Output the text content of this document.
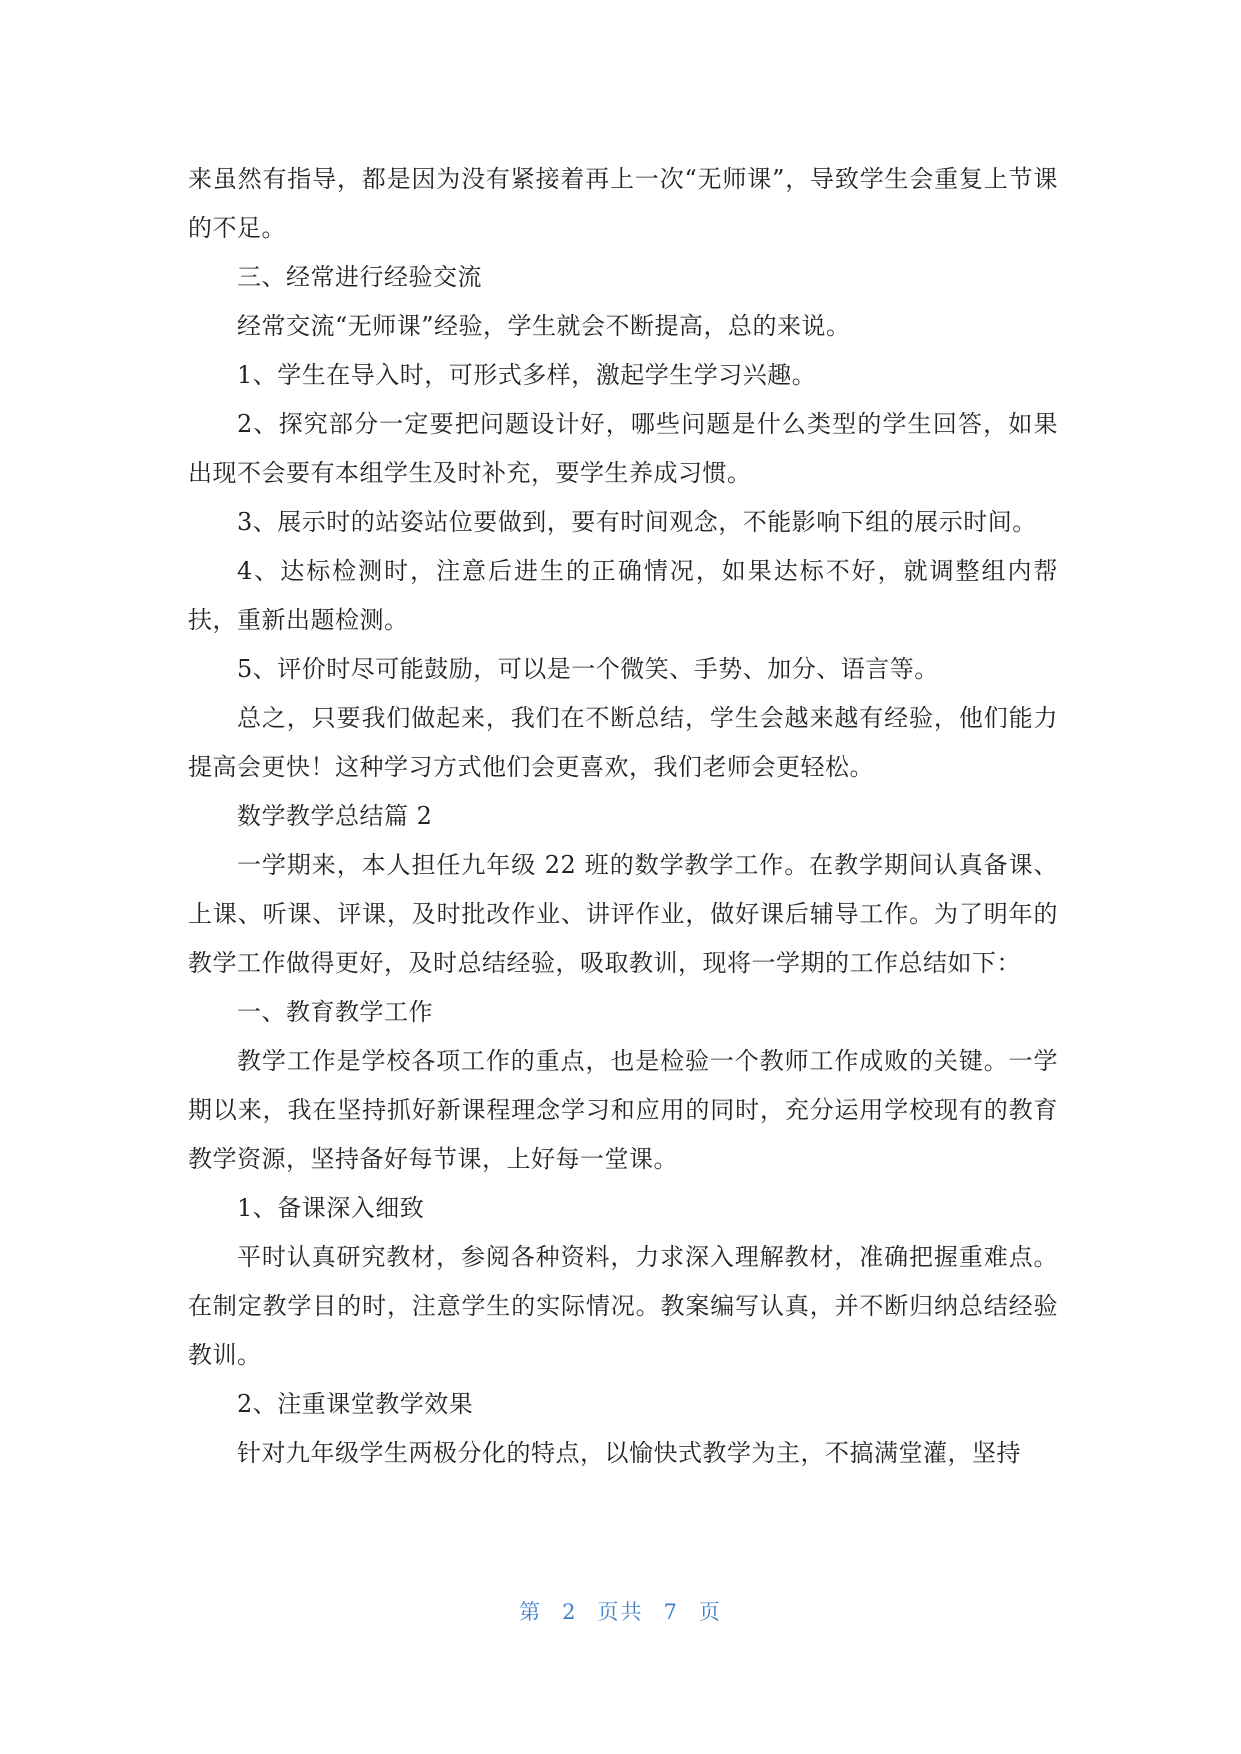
来虽然有指导，都是因为没有紧接着再上一次“无师课”，导致学生会重复上节课的不足。

三、经常进行经验交流

经常交流“无师课”经验，学生就会不断提高，总的来说。

1、学生在导入时，可形式多样，激起学生学习兴趣。

2、探究部分一定要把问题设计好，哪些问题是什么类型的学生回答，如果出现不会要有本组学生及时补充，要学生养成习惯。

3、展示时的站姿站位要做到，要有时间观念，不能影响下组的展示时间。

4、达标检测时，注意后进生的正确情况，如果达标不好，就调整组内帮扶，重新出题检测。

5、评价时尽可能鼓励，可以是一个微笑、手势、加分、语言等。

总之，只要我们做起来，我们在不断总结，学生会越来越有经验，他们能力提高会更快！这种学习方式他们会更喜欢，我们老师会更轻松。

数学教学总结篇 2

一学期来，本人担任九年级 22 班的数学教学工作。在教学期间认真备课、上课、听课、评课，及时批改作业、讲评作业，做好课后辅导工作。为了明年的教学工作做得更好，及时总结经验，吸取教训，现将一学期的工作总结如下：

一、教育教学工作

教学工作是学校各项工作的重点，也是检验一个教师工作成败的关键。一学期以来，我在坚持抓好新课程理念学习和应用的同时，充分运用学校现有的教育教学资源，坚持备好每节课，上好每一堂课。

1、备课深入细致

平时认真研究教材，参阅各种资料，力求深入理解教材，准确把握重难点。在制定教学目的时，注意学生的实际情况。教案编写认真，并不断归纳总结经验教训。

2、注重课堂教学效果

针对九年级学生两极分化的特点，以愉快式教学为主，不搞满堂灌，坚持

第 2 页共 7 页
